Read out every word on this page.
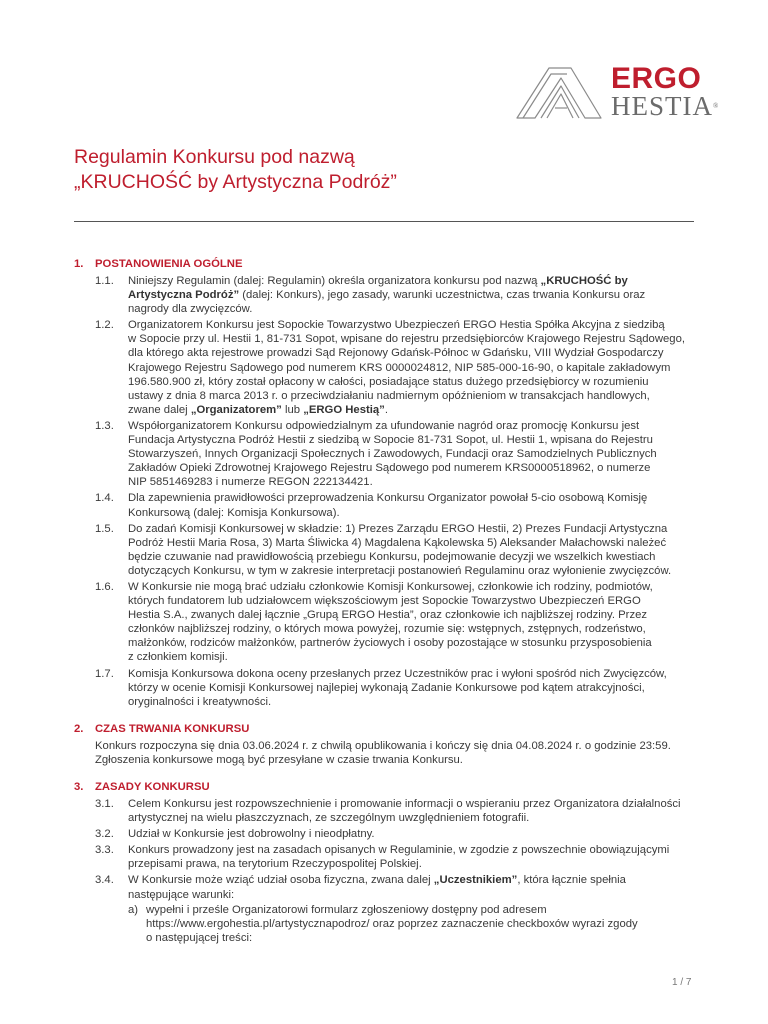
ERGO
HESTIA®
Regulamin Konkursu pod nazwą
„KRUCHOŚĆ by Artystyczna Podróż”
1.	POSTANOWIENIA OGÓLNE
1.1.	Niniejszy Regulamin (dalej: Regulamin) określa organizatora konkursu pod nazwą „KRUCHOŚĆ by
Artystyczna Podróż” (dalej: Konkurs), jego zasady, warunki uczestnictwa, czas trwania Konkursu oraz
nagrody dla zwycięzców.
1.2.	Organizatorem Konkursu jest Sopockie Towarzystwo Ubezpieczeń ERGO Hestia Spółka Akcyjna z siedzibą
w Sopocie przy ul. Hestii 1, 81-731 Sopot, wpisane do rejestru przedsiębiorców Krajowego Rejestru Sądowego,
dla którego akta rejestrowe prowadzi Sąd Rejonowy Gdańsk-Północ w Gdańsku, VIII Wydział Gospodarczy
Krajowego Rejestru Sądowego pod numerem KRS 0000024812, NIP 585-000-16-90, o kapitale zakładowym
196.580.900 zł, który został opłacony w całości, posiadające status dużego przedsiębiorcy w rozumieniu
ustawy z dnia 8 marca 2013 r. o przeciwdziałaniu nadmiernym opóźnieniom w transakcjach handlowych,
zwane dalej „Organizatorem” lub „ERGO Hestią”.
1.3.	Współorganizatorem Konkursu odpowiedzialnym za ufundowanie nagród oraz promocję Konkursu jest
Fundacja Artystyczna Podróż Hestii z siedzibą w Sopocie 81-731 Sopot, ul. Hestii 1, wpisana do Rejestru
Stowarzyszeń, Innych Organizacji Społecznych i Zawodowych, Fundacji oraz Samodzielnych Publicznych
Zakładów Opieki Zdrowotnej Krajowego Rejestru Sądowego pod numerem KRS0000518962, o numerze
NIP 5851469283 i numerze REGON 222134421.
1.4.	Dla zapewnienia prawidłowości przeprowadzenia Konkursu Organizator powołał 5-cio osobową Komisję
Konkursową (dalej: Komisja Konkursowa).
1.5.	Do zadań Komisji Konkursowej w składzie: 1) Prezes Zarządu ERGO Hestii, 2) Prezes Fundacji Artystyczna
Podróż Hestii Maria Rosa, 3) Marta Śliwicka 4) Magdalena Kąkolewska 5) Aleksander Małachowski należeć
będzie czuwanie nad prawidłowością przebiegu Konkursu, podejmowanie decyzji we wszelkich kwestiach
dotyczących Konkursu, w tym w zakresie interpretacji postanowień Regulaminu oraz wyłonienie zwycięzców.
1.6.	W Konkursie nie mogą brać udziału członkowie Komisji Konkursowej, członkowie ich rodziny, podmiotów,
których fundatorem lub udziałowcem większościowym jest Sopockie Towarzystwo Ubezpieczeń ERGO
Hestia S.A., zwanych dalej łącznie „Grupą ERGO Hestia”, oraz członkowie ich najbliższej rodziny. Przez
członków najbliższej rodziny, o których mowa powyżej, rozumie się: wstępnych, zstępnych, rodzeństwo,
małżonków, rodziców małżonków, partnerów życiowych i osoby pozostające w stosunku przysposobienia
z członkiem komisji.
1.7.	Komisja Konkursowa dokona oceny przesłanych przez Uczestników prac i wyłoni spośród nich Zwycięzców,
którzy w ocenie Komisji Konkursowej najlepiej wykonają Zadanie Konkursowe pod kątem atrakcyjności,
oryginalności i kreatywności.
2.	CZAS TRWANIA KONKURSU
Konkurs rozpoczyna się dnia 03.06.2024 r. z chwilą opublikowania i kończy się dnia 04.08.2024 r. o godzinie 23:59.
Zgłoszenia konkursowe mogą być przesyłane w czasie trwania Konkursu.
3.	ZASADY KONKURSU
3.1.	Celem Konkursu jest rozpowszechnienie i promowanie informacji o wspieraniu przez Organizatora działalności
artystycznej na wielu płaszczyznach, ze szczególnym uwzględnieniem fotografii.
3.2.	Udział w Konkursie jest dobrowolny i nieodpłatny.
3.3.	Konkurs prowadzony jest na zasadach opisanych w Regulaminie, w zgodzie z powszechnie obowiązującymi
przepisami prawa, na terytorium Rzeczypospolitej Polskiej.
3.4.	W Konkursie może wziąć udział osoba fizyczna, zwana dalej „Uczestnikiem”, która łącznie spełnia
następujące warunki:
a) wypełni i prześle Organizatorowi formularz zgłoszeniowy dostępny pod adresem
https://www.ergohestia.pl/artystycznapodroz/ oraz poprzez zaznaczenie checkboxów wyrazi zgody
o następującej treści:
1 / 7
